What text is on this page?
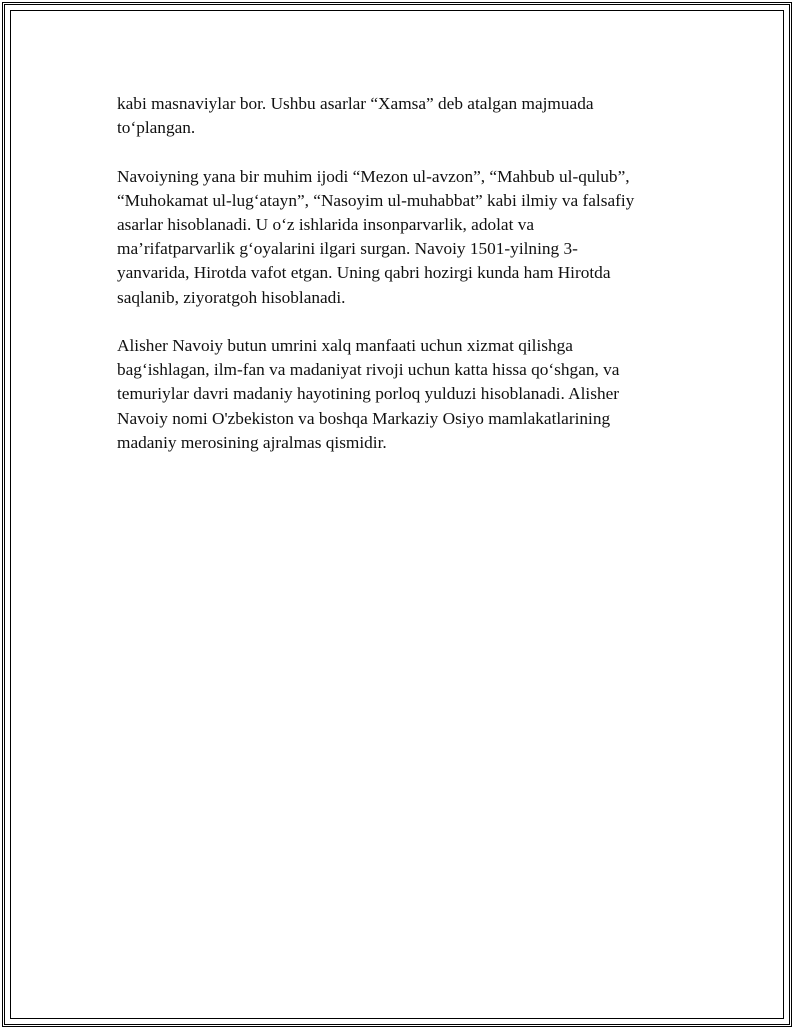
kabi masnaviylar bor. Ushbu asarlar “Xamsa” deb atalgan majmuada
to‘plangan.

Navoiyning yana bir muhim ijodi “Mezon ul-avzon”, “Mahbub ul-qulub”,
“Muhokamat ul-lug‘atayn”, “Nasoyim ul-muhabbat” kabi ilmiy va falsafiy
asarlar hisoblanadi. U o‘z ishlarida insonparvarlik, adolat va
ma’rifatparvarlik g‘oyalarini ilgari surgan. Navoiy 1501-yilning 3-
yanvarida, Hirotda vafot etgan. Uning qabri hozirgi kunda ham Hirotda
saqlanib, ziyoratgoh hisoblanadi.

Alisher Navoiy butun umrini xalq manfaati uchun xizmat qilishga
bag‘ishlagan, ilm-fan va madaniyat rivoji uchun katta hissa qo‘shgan, va
temuriylar davri madaniy hayotining porloq yulduzi hisoblanadi. Alisher
Navoiy nomi O'zbekiston va boshqa Markaziy Osiyo mamlakatlarining
madaniy merosining ajralmas qismidir.
